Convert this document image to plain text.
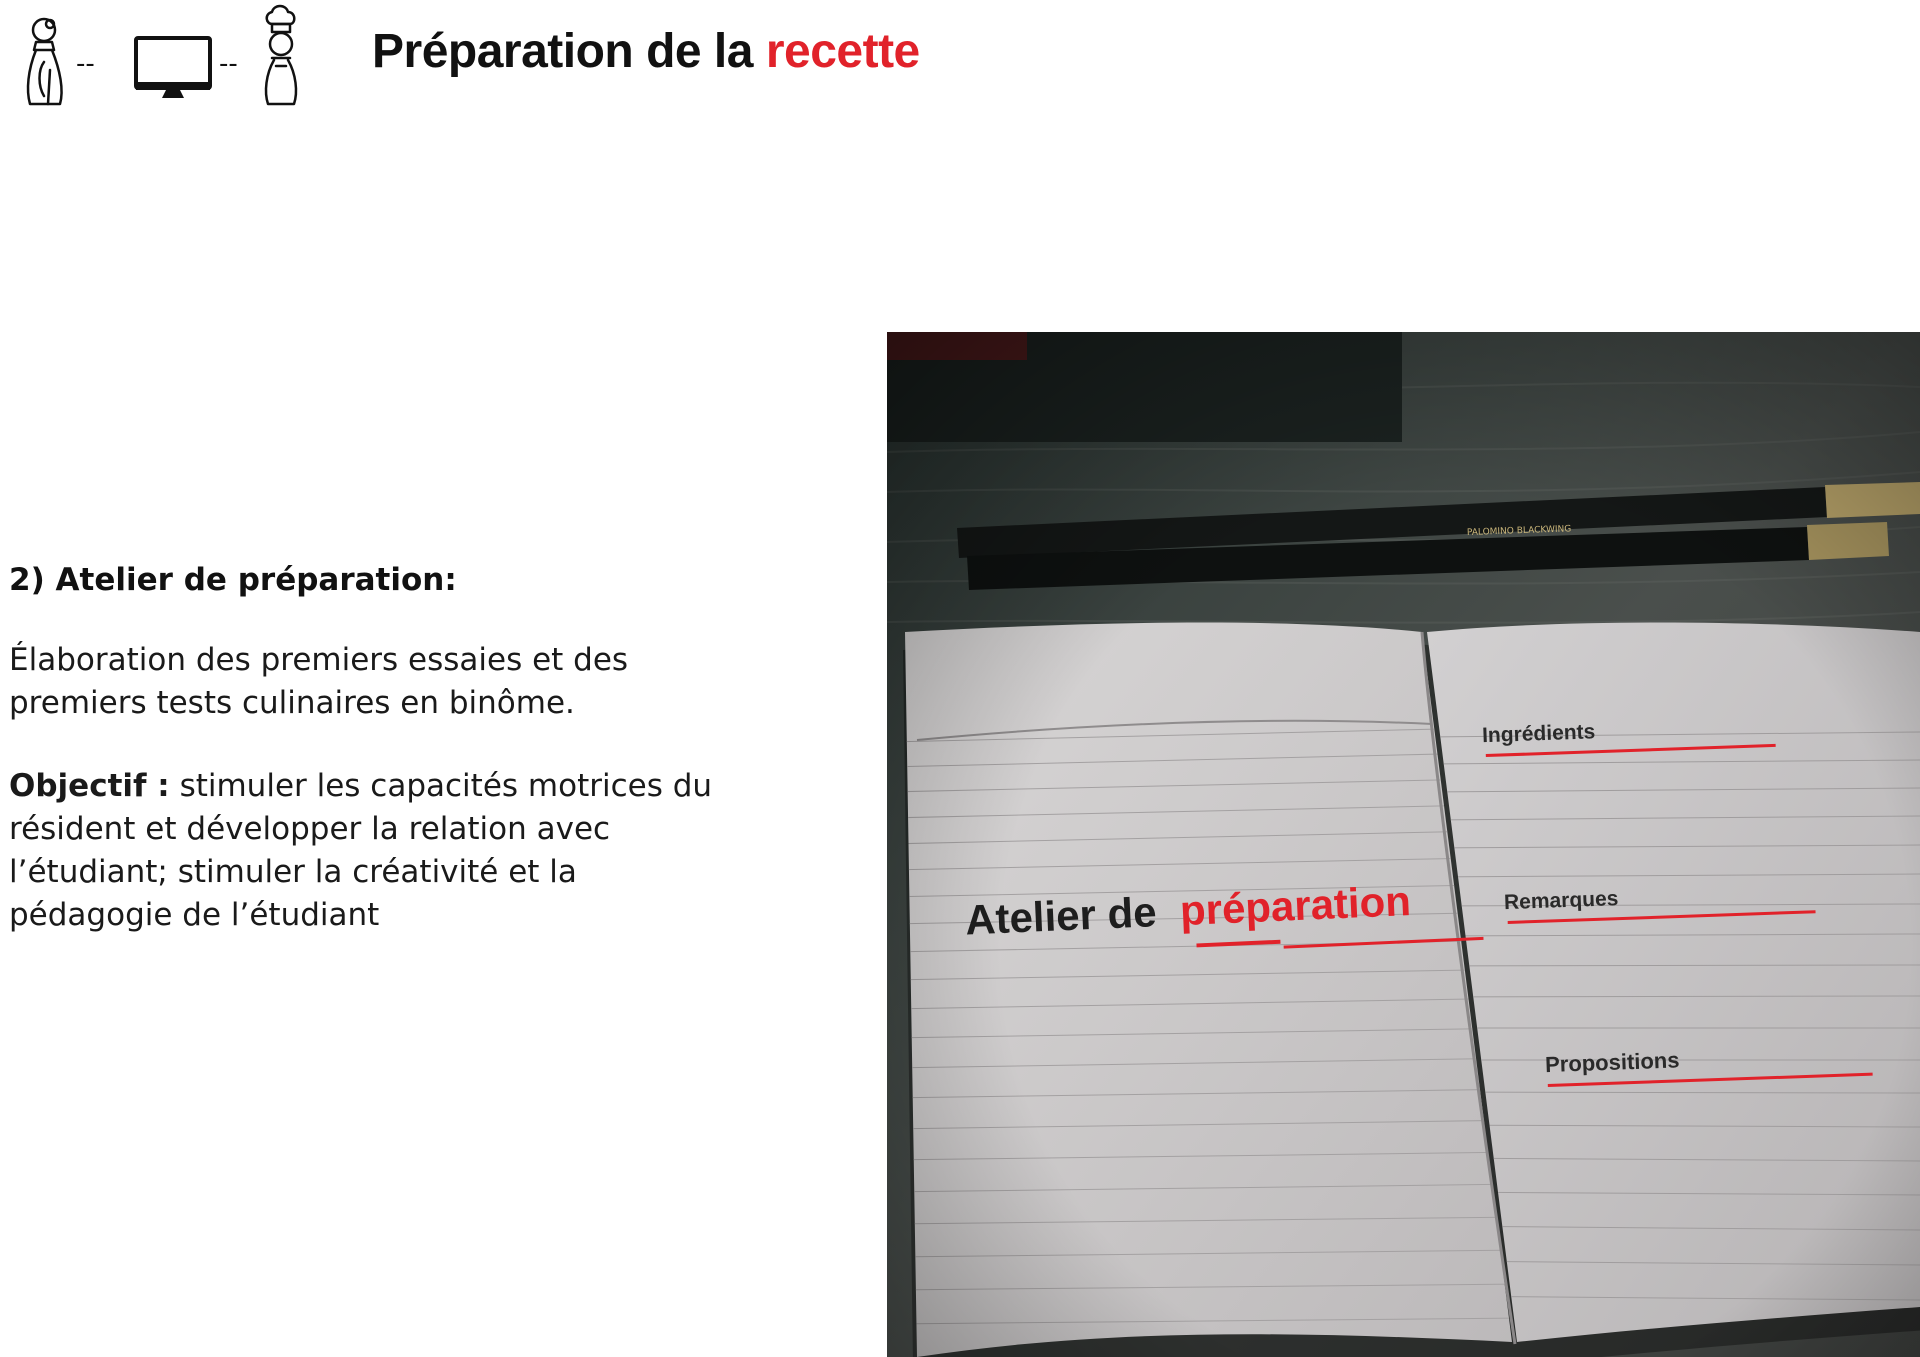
--	--	Préparation de la recette
2) Atelier de préparation:

Élaboration des premiers essaies et des premiers tests culinaires en binôme.

Objectif : stimuler les capacités motrices du résident et développer la relation avec l’étudiant; stimuler la créativité et la pédagogie de l’étudiant
